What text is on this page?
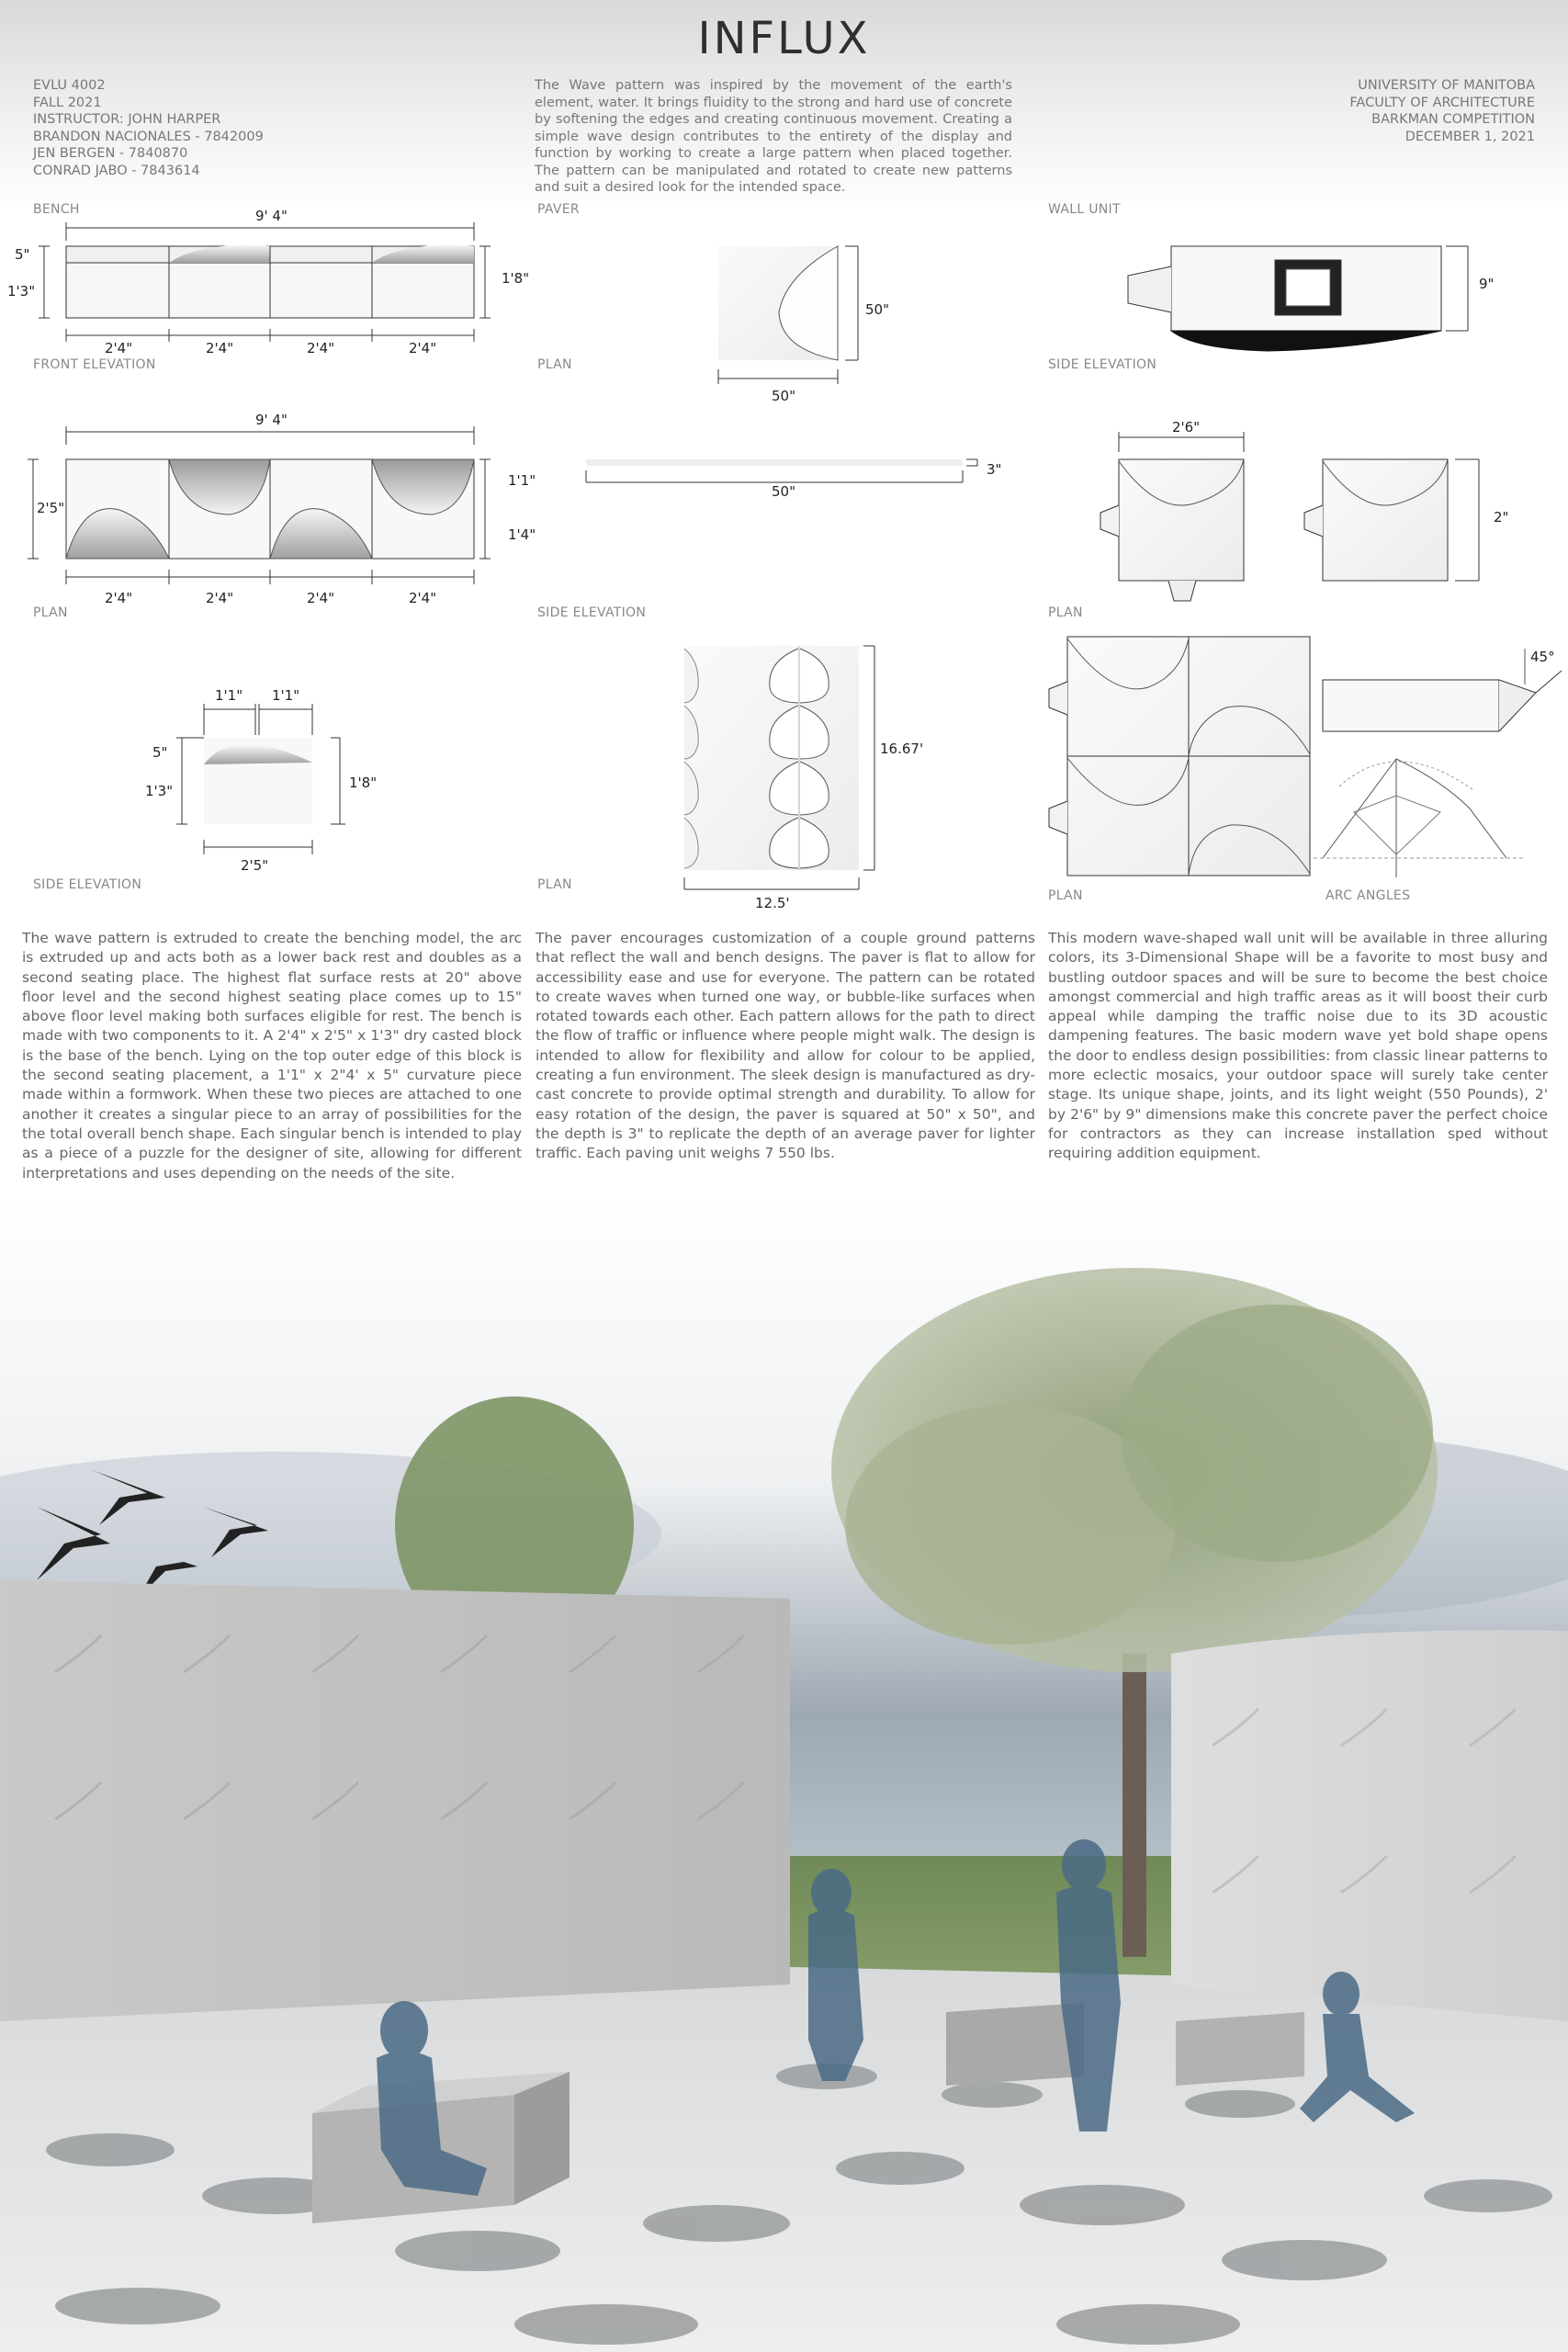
INFLUX
EVLU 4002
FALL 2021
INSTRUCTOR: JOHN HARPER
BRANDON NACIONALES - 7842009
JEN BERGEN - 7840870
CONRAD JABO - 7843614
The Wave pattern was inspired by the movement of the earth's element, water. It brings fluidity to the strong and hard use of concrete by softening the edges and creating continuous movement. Creating a simple wave design contributes to the entirety of the display and function by working to create a large pattern when placed together. The pattern can be manipulated and rotated to create new patterns and suit a desired look for the intended space.
UNIVERSITY OF MANITOBA
FACULTY OF ARCHITECTURE
BARKMAN COMPETITION
DECEMBER 1, 2021
BENCH
FRONT ELEVATION
PLAN
SIDE ELEVATION
PAVER
PLAN
SIDE ELEVATION
PLAN
WALL UNIT
SIDE ELEVATION
PLAN
PLAN	ARC ANGLES
9' 4"
5"
1'3"
1'8"
2'4"	2'4"	2'4"	2'4"
9' 4"
2'5"
1'1"
1'4"
2'4"	2'4"	2'4"	2'4"
1'1" 1'1"
5"
1'3"	1'8"
2'5"
50"
50"
3"
50"
16.67'
12.5'
9"
2'6"
2"
45°
The wave pattern is extruded to create the benching model, the arc is extruded up and acts both as a lower back rest and doubles as a second seating place. The highest flat surface rests at 20" above floor level and the second highest seating place comes up to 15" above floor level making both surfaces eligible for rest. The bench is made with two components to it. A 2'4" x 2'5" x 1'3" dry casted block is the base of the bench. Lying on the top outer edge of this block is the second seating placement, a 1'1" x 2"4' x 5" curvature piece made within a formwork. When these two pieces are attached to one another it creates a singular piece to an array of possibilities for the the total overall bench shape. Each singular bench is intended to play as a piece of a puzzle for the designer of site, allowing for different interpretations and uses depending on the needs of the site.
The paver encourages customization of a couple ground patterns that reflect the wall and bench designs. The paver is flat to allow for accessibility ease and use for everyone. The pattern can be rotated to create waves when turned one way, or bubble-like surfaces when rotated towards each other. Each pattern allows for the path to direct the flow of traffic or influence where people might walk. The design is intended to allow for flexibility and allow for colour to be applied, creating a fun environment. The sleek design is manufactured as dry-cast concrete to provide optimal strength and durability. To allow for easy rotation of the design, the paver is squared at 50" x 50", and the depth is 3" to replicate the depth of an average paver for lighter traffic. Each paving unit weighs 7 550 lbs.
This modern wave-shaped wall unit will be available in three alluring colors, its 3-Dimensional Shape will be a favorite to most busy and bustling outdoor spaces and will be sure to become the best choice amongst commercial and high traffic areas as it will boost their curb appeal while damping the traffic noise due to its 3D acoustic dampening features. The basic modern wave yet bold shape opens the door to endless design possibilities: from classic linear patterns to more eclectic mosaics, your outdoor space will surely take center stage. Its unique shape, joints, and its light weight (550 Pounds), 2' by 2'6" by 9" dimensions make this concrete paver the perfect choice for contractors as they can increase installation sped without requiring addition equipment.
